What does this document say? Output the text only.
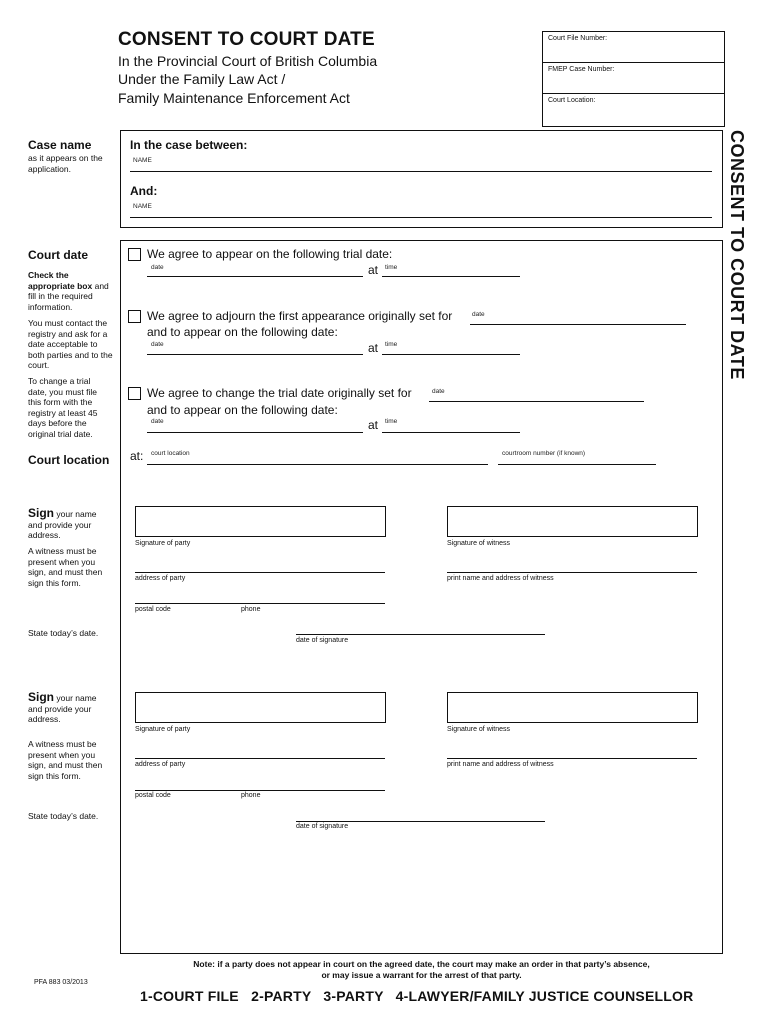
CONSENT TO COURT DATE
In the Provincial Court of British Columbia
Under the Family Law Act /
Family Maintenance Enforcement Act
Court File Number:
FMEP Case Number:
Court Location:
CONSENT TO COURT DATE
Case name
as it appears on the application.
In the case between:
NAME
And:
NAME
Court date
Check the appropriate box and fill in the required information.
You must contact the registry and ask for a date acceptable to both parties and to the court.
To change a trial date, you must file this form with the registry at least 45 days before the original trial date.
Court location
We agree to appear on the following trial date:
date	at time
We agree to adjourn the first appearance originally set for	date
and to appear on the following date:
date	at time
We agree to change the trial date originally set for	date
and to appear on the following date:
date	at time
at: court location	courtroom number (if known)
Sign your name and provide your address.
A witness must be present when you sign, and must then sign this form.
State today’s date.
Signature of party	Signature of witness
address of party	print name and address of witness
postal code	phone
date of signature
Sign your name and provide your address.
A witness must be present when you sign, and must then sign this form.
State today’s date.
Signature of party	Signature of witness
address of party	print name and address of witness
postal code	phone
date of signature
Note: if a party does not appear in court on the agreed date, the court may make an order in that party’s absence,
or may issue a warrant for the arrest of that party.
PFA 883 03/2013
1-COURT FILE   2-PARTY   3-PARTY   4-LAWYER/FAMILY JUSTICE COUNSELLOR
